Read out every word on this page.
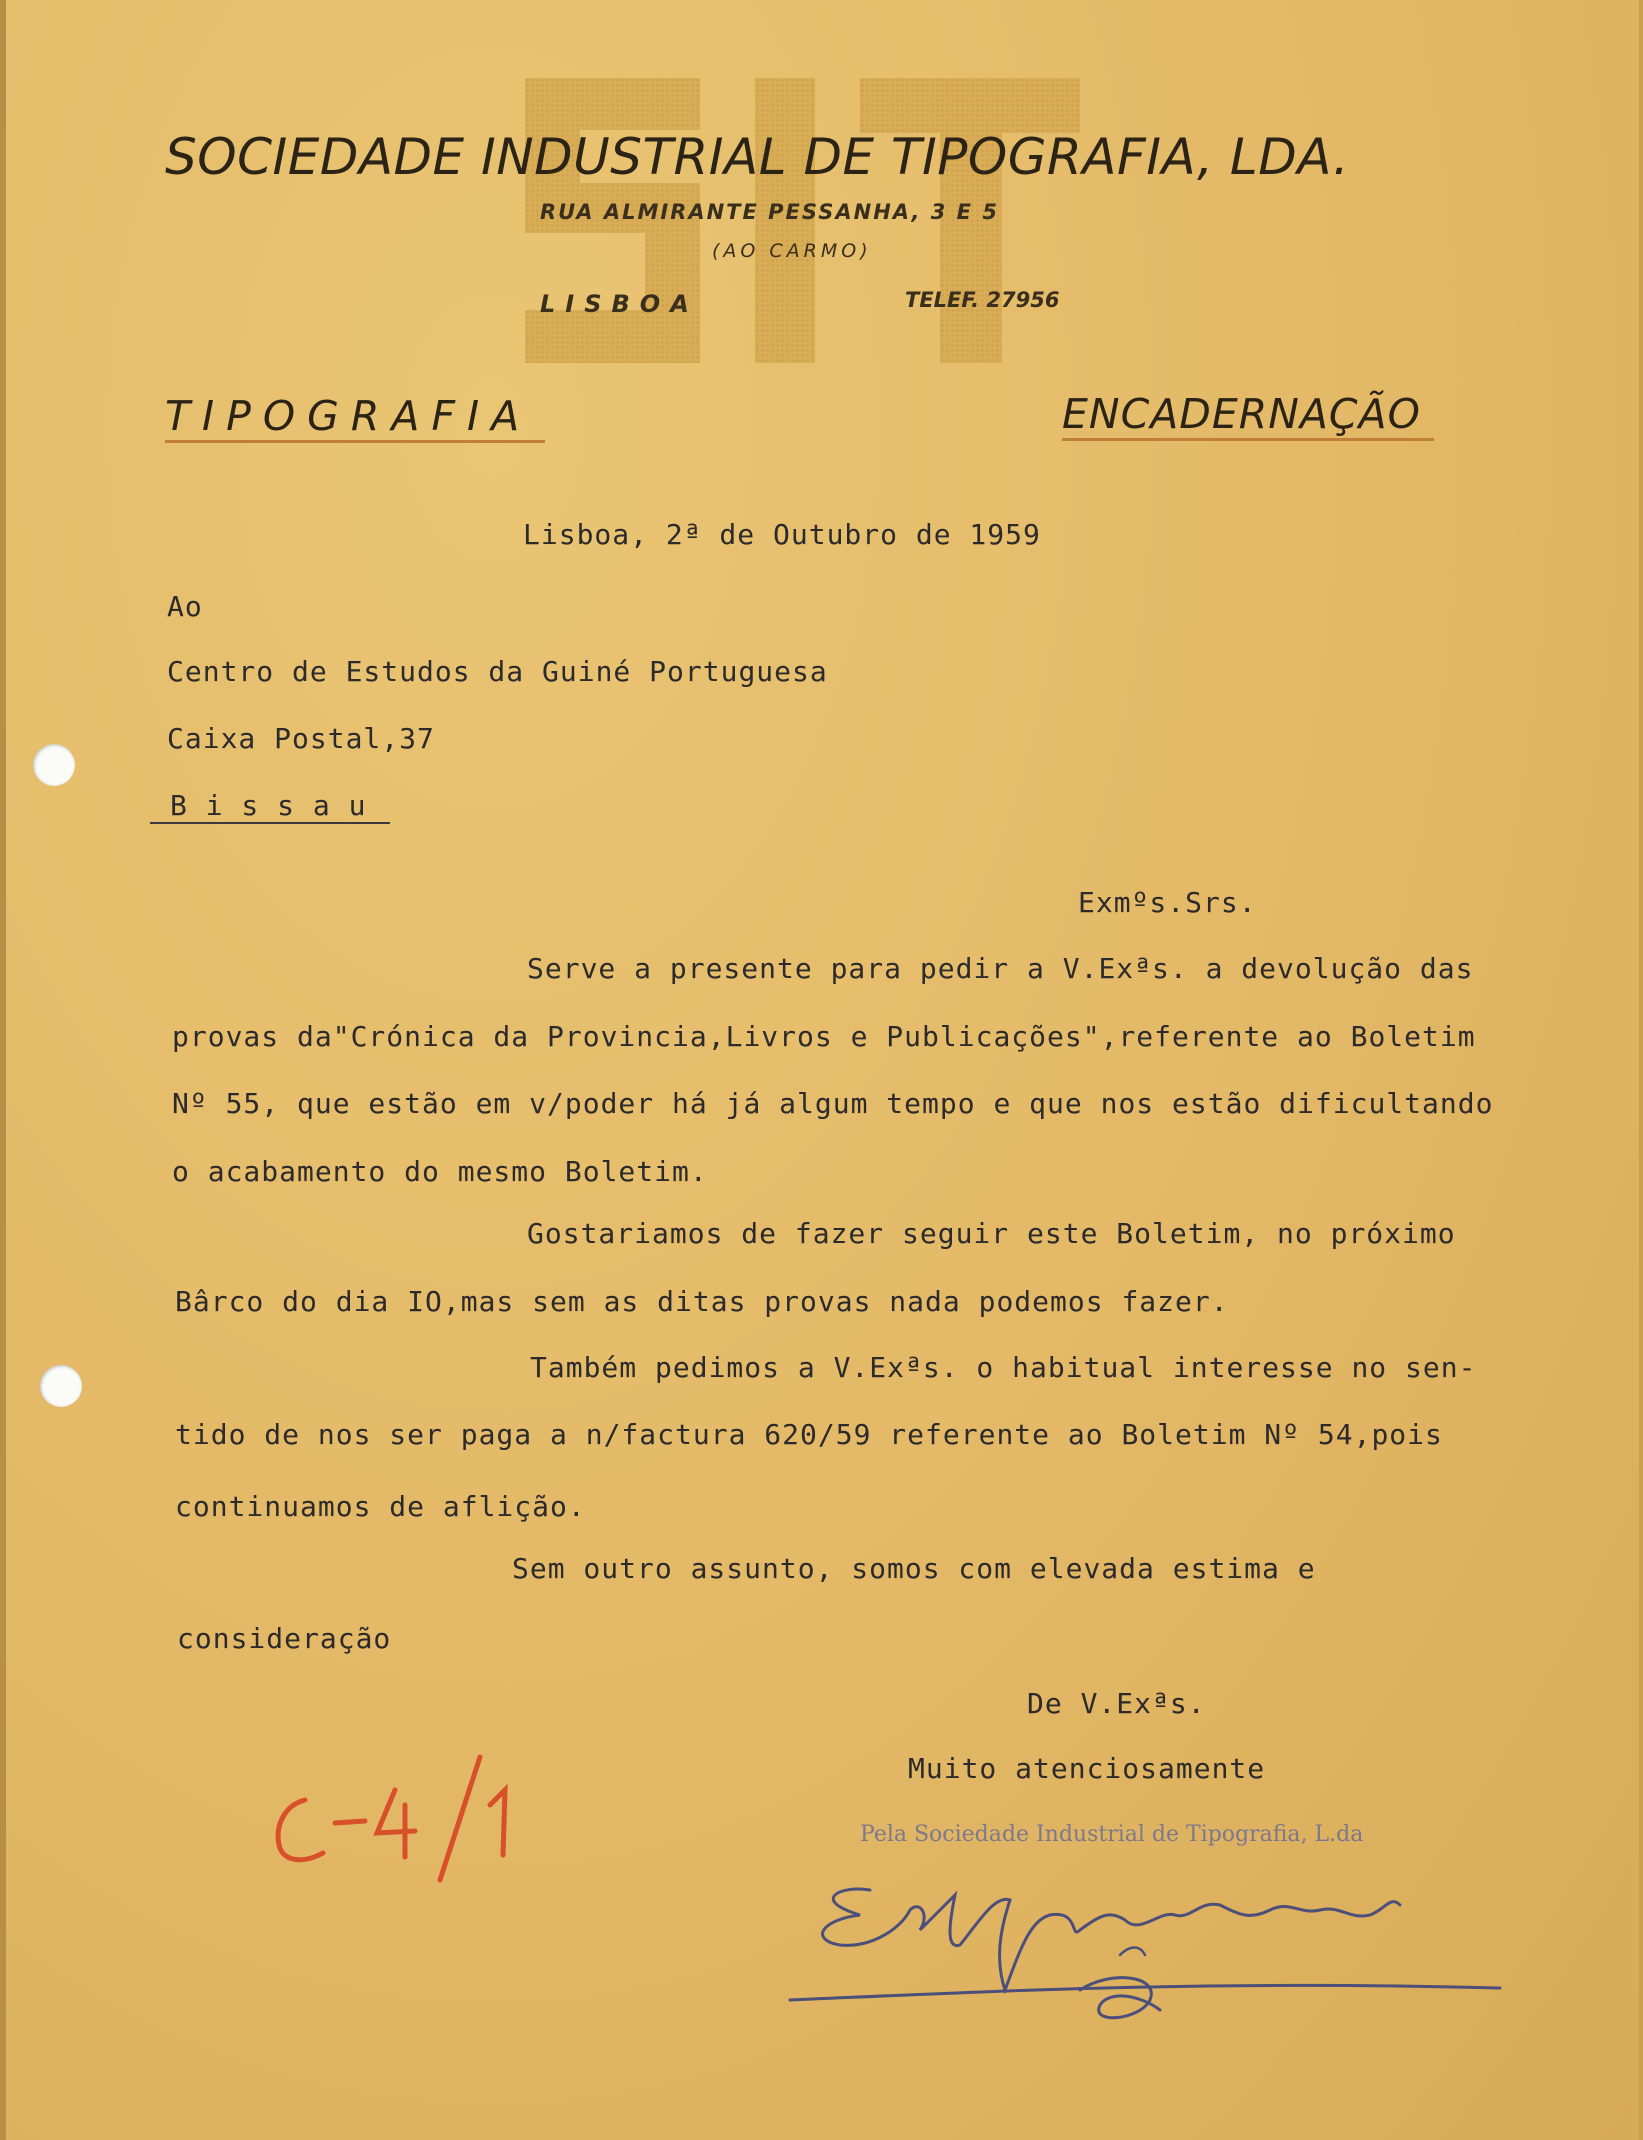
SOCIEDADE INDUSTRIAL DE TIPOGRAFIA, LDA.
RUA ALMIRANTE PESSANHA, 3 E 5
(AO CARMO)
LISBOA	TELEF. 27956
TIPOGRAFIA	ENCADERNAÇÃO
Lisboa, 2ª de Outubro de 1959
Ao
Centro de Estudos da Guiné Portuguesa
Caixa Postal,37
B i s s a u
Exmºs.Srs.
Serve a presente para pedir a V.Exªs. a devolução das
provas da"Crónica da Provincia,Livros e Publicações",referente ao Boletim
Nº 55, que estão em v/poder há já algum tempo e que nos estão dificultando
o acabamento do mesmo Boletim.
Gostariamos de fazer seguir este Boletim, no próximo
Bârco do dia IO,mas sem as ditas provas nada podemos fazer.
Também pedimos a V.Exªs. o habitual interesse no sen-
tido de nos ser paga a n/factura 620/59 referente ao Boletim Nº 54,pois
continuamos de aflição.
Sem outro assunto, somos com elevada estima e
consideração
De V.Exªs.
Muito atenciosamente
Pela Sociedade Industrial de Tipografia, L.da
